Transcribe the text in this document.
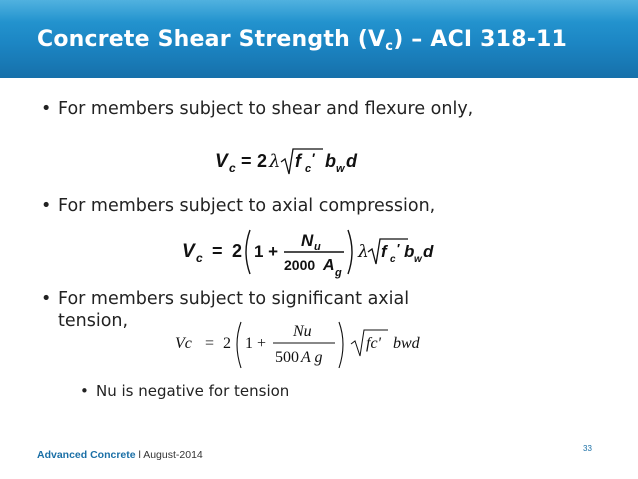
Concrete Shear Strength $(V_c)$ – ACI 318-11
• For members subject to shear and flexure only,
V c = 2 λ f c
′ b w d
• For members subject to axial compression,
V c = 2 1 +
N u
2000 A g
λ f c
′ b w d
• For members subject to significant axial
tension,
Vc = 2 1 +
Nu
500 A g
fc' bwd
• Nu is negative for tension
Advanced Concrete l August-2014
33
